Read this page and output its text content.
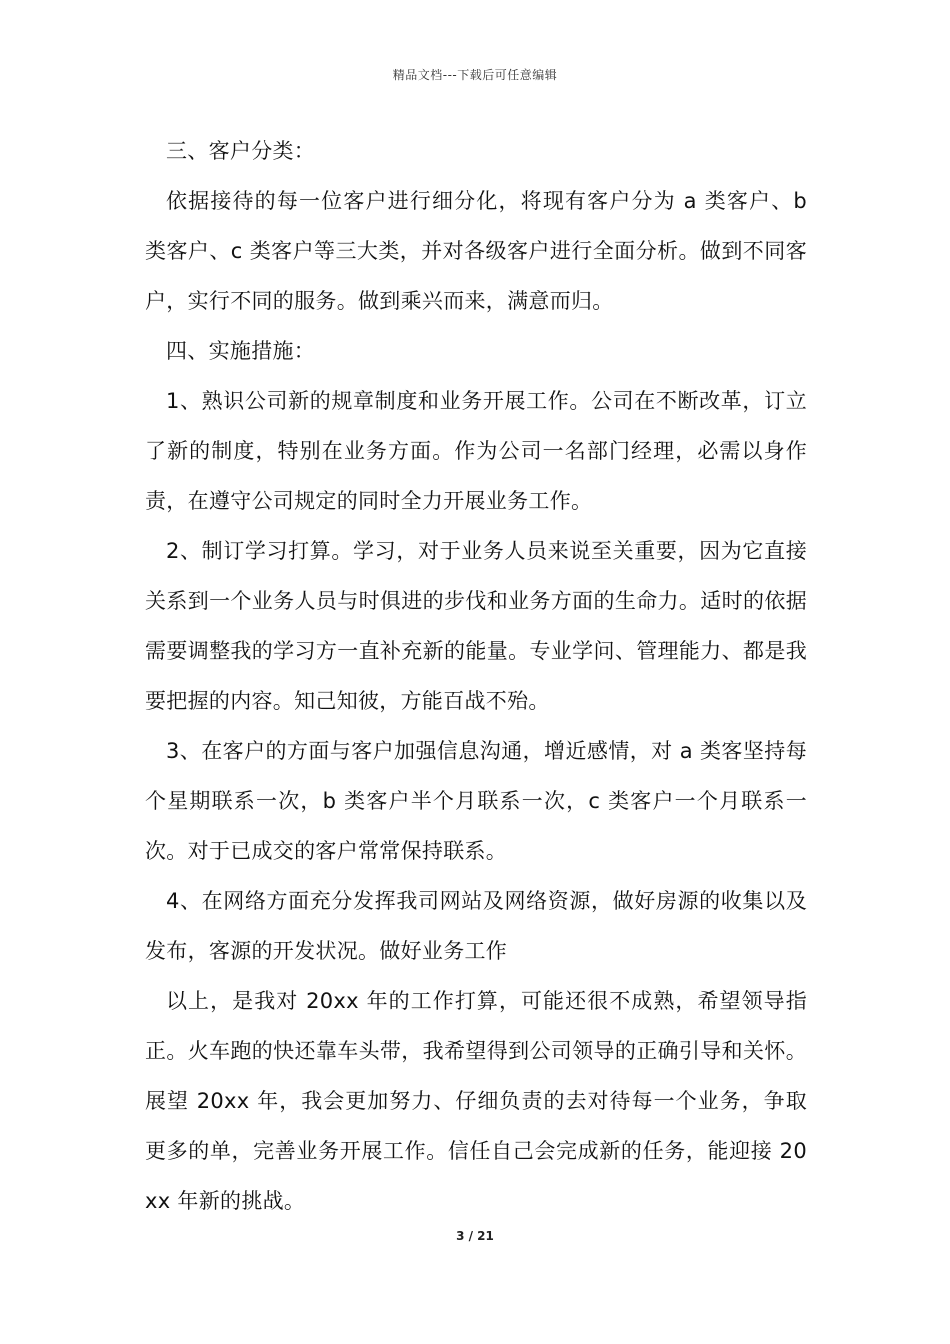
精品文档---下载后可任意编辑

三、客户分类：

依据接待的每一位客户进行细分化，将现有客户分为 a 类客户、b 类客户、c 类客户等三大类，并对各级客户进行全面分析。做到不同客户，实行不同的服务。做到乘兴而来，满意而归。

四、实施措施：

1、熟识公司新的规章制度和业务开展工作。公司在不断改革，订立了新的制度，特别在业务方面。作为公司一名部门经理，必需以身作责，在遵守公司规定的同时全力开展业务工作。

2、制订学习打算。学习，对于业务人员来说至关重要，因为它直接关系到一个业务人员与时俱进的步伐和业务方面的生命力。适时的依据需要调整我的学习方一直补充新的能量。专业学问、管理能力、都是我要把握的内容。知己知彼，方能百战不殆。

3、在客户的方面与客户加强信息沟通，增近感情，对 a 类客坚持每个星期联系一次，b 类客户半个月联系一次，c 类客户一个月联系一次。对于已成交的客户常常保持联系。

4、在网络方面充分发挥我司网站及网络资源，做好房源的收集以及发布，客源的开发状况。做好业务工作

以上，是我对 20xx 年的工作打算，可能还很不成熟，希望领导指正。火车跑的快还靠车头带，我希望得到公司领导的正确引导和关怀。展望 20xx 年，我会更加努力、仔细负责的去对待每一个业务，争取更多的单，完善业务开展工作。信任自己会完成新的任务，能迎接 20xx 年新的挑战。

3 / 21
